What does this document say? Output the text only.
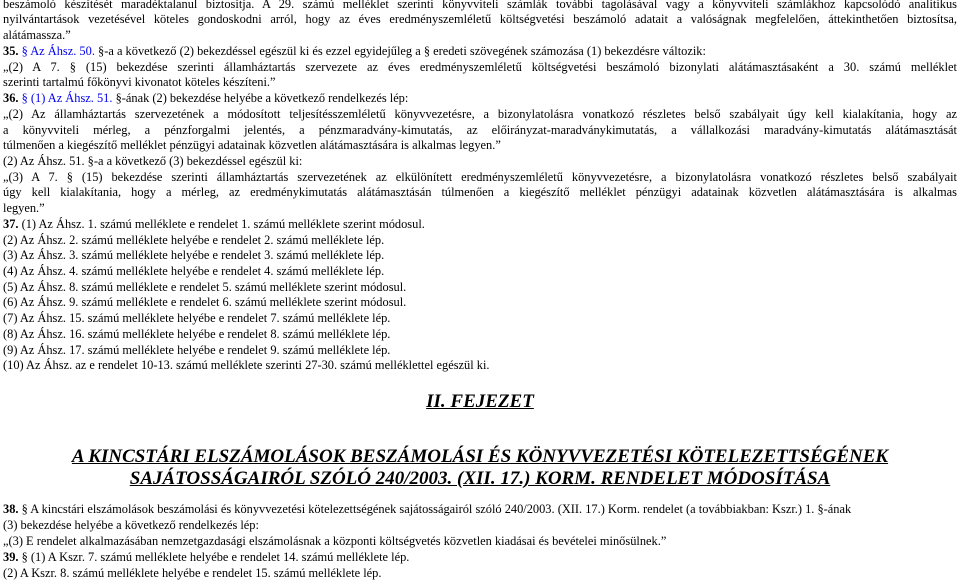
beszámoló készítését maradéktalanul biztosítja. A 29. számú melléklet szerinti könyvviteli számlák további tagolásával vagy a könyvviteli számlákhoz kapcsolódó analitikus
nyilvántartások vezetésével köteles gondoskodni arról, hogy az éves eredményszemléletű költségvetési beszámoló adatait a valóságnak megfelelően, áttekinthetően biztosítsa,
alátámassza.”
35. § Az Áhsz. 50. §-a a következő (2) bekezdéssel egészül ki és ezzel egyidejűleg a § eredeti szövegének számozása (1) bekezdésre változik:
„(2) A 7. § (15) bekezdése szerinti államháztartás szervezete az éves eredményszemléletű költségvetési beszámoló bizonylati alátámasztásaként a 30. számú melléklet
szerinti tartalmú főkönyvi kivonatot köteles készíteni.”
36. § (1) Az Áhsz. 51. §-ának (2) bekezdése helyébe a következő rendelkezés lép:
„(2) Az államháztartás szervezetének a módosított teljesítésszemléletű könyvvezetésre, a bizonylatolásra vonatkozó részletes belső szabályait úgy kell kialakítania, hogy az
a könyvviteli mérleg, a pénzforgalmi jelentés, a pénzmaradvány-kimutatás, az előirányzat-maradványkimutatás, a vállalkozási maradvány-kimutatás alátámasztását
túlmenően a kiegészítő melléklet pénzügyi adatainak közvetlen alátámasztására is alkalmas legyen.”
(2) Az Áhsz. 51. §-a a következő (3) bekezdéssel egészül ki:
„(3) A 7. § (15) bekezdése szerinti államháztartás szervezetének az elkülönített eredményszemléletű könyvvezetésre, a bizonylatolásra vonatkozó részletes belső szabályait
úgy kell kialakítania, hogy a mérleg, az eredménykimutatás alátámasztásán túlmenően a kiegészítő melléklet pénzügyi adatainak közvetlen alátámasztására is alkalmas
legyen.”
37. (1) Az Áhsz. 1. számú melléklete e rendelet 1. számú melléklete szerint módosul.
(2) Az Áhsz. 2. számú melléklete helyébe e rendelet 2. számú melléklete lép.
(3) Az Áhsz. 3. számú melléklete helyébe e rendelet 3. számú melléklete lép.
(4) Az Áhsz. 4. számú melléklete helyébe e rendelet 4. számú melléklete lép.
(5) Az Áhsz. 8. számú melléklete e rendelet 5. számú melléklete szerint módosul.
(6) Az Áhsz. 9. számú melléklete e rendelet 6. számú melléklete szerint módosul.
(7) Az Áhsz. 15. számú melléklete helyébe e rendelet 7. számú melléklete lép.
(8) Az Áhsz. 16. számú melléklete helyébe e rendelet 8. számú melléklete lép.
(9) Az Áhsz. 17. számú melléklete helyébe e rendelet 9. számú melléklete lép.
(10) Az Áhsz. az e rendelet 10-13. számú melléklete szerinti 27-30. számú melléklettel egészül ki.
II. FEJEZET
A KINCSTÁRI ELSZÁMOLÁSOK BESZÁMOLÁSI ÉS KÖNYVVEZETÉSI KÖTELEZETTSÉGÉNEK
SAJÁTOSSÁGAIRÓL SZÓLÓ 240/2003. (XII. 17.) KORM. RENDELET MÓDOSÍTÁSA
38. § A kincstári elszámolások beszámolási és könyvvezetési kötelezettségének sajátosságairól szóló 240/2003. (XII. 17.) Korm. rendelet (a továbbiakban: Kszr.) 1. §-ának
(3) bekezdése helyébe a következő rendelkezés lép:
„(3) E rendelet alkalmazásában nemzetgazdasági elszámolásnak a központi költségvetés közvetlen kiadásai és bevételei minősülnek.”
39. § (1) A Kszr. 7. számú melléklete helyébe e rendelet 14. számú melléklete lép.
(2) A Kszr. 8. számú melléklete helyébe e rendelet 15. számú melléklete lép.
